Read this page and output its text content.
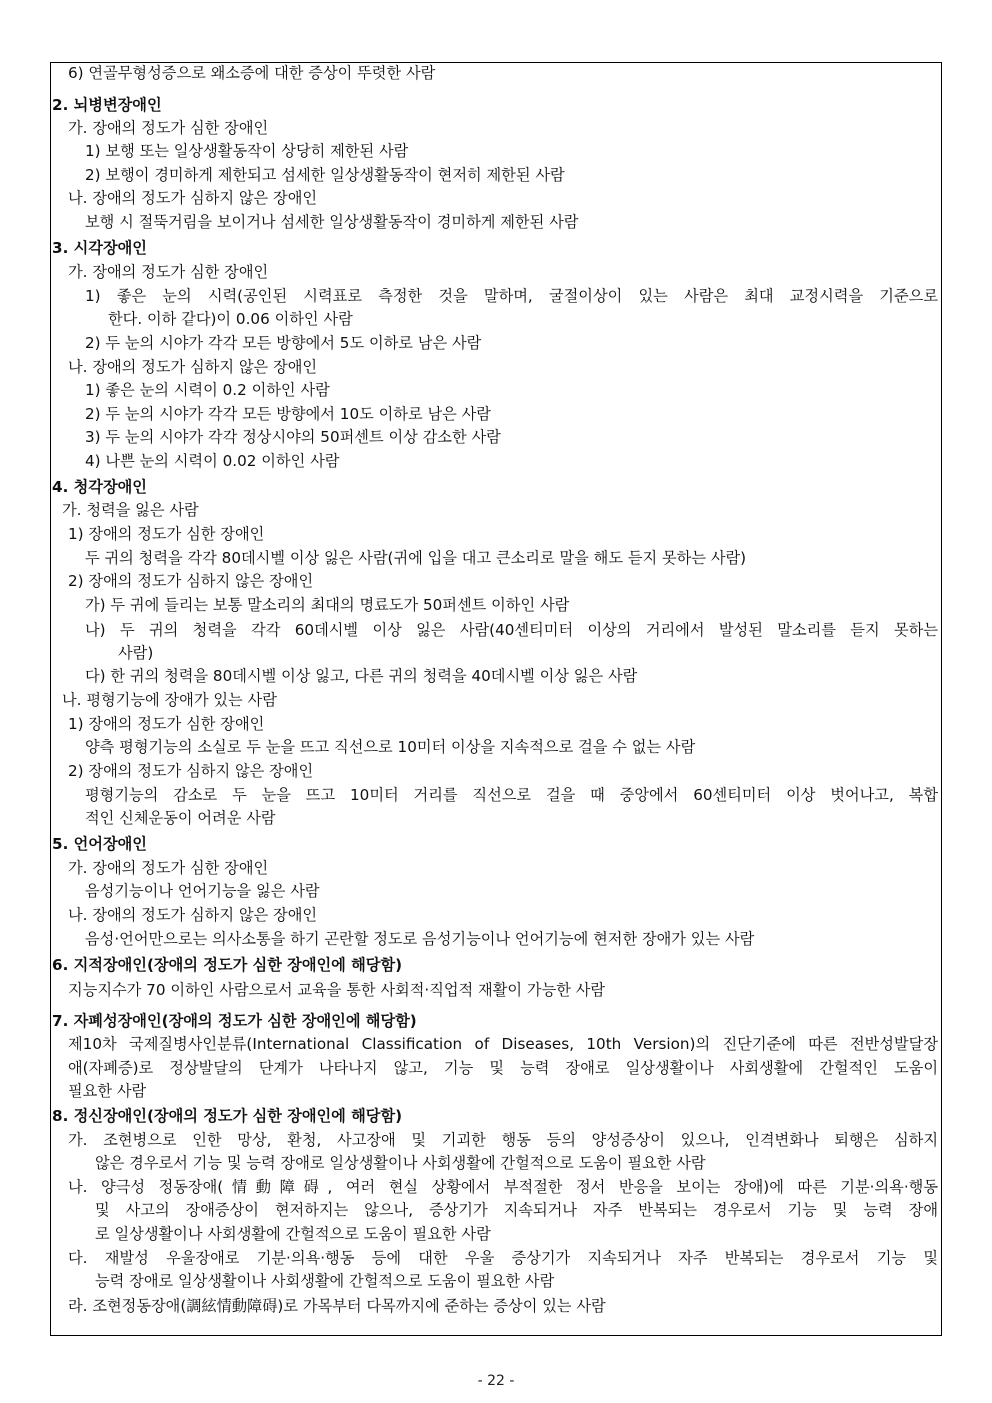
6) 연골무형성증으로 왜소증에 대한 증상이 뚜렷한 사람
2. 뇌병변장애인
가. 장애의 정도가 심한 장애인
1) 보행 또는 일상생활동작이 상당히 제한된 사람
2) 보행이 경미하게 제한되고 섬세한 일상생활동작이 현저히 제한된 사람
나. 장애의 정도가 심하지 않은 장애인
보행 시 절뚝거림을 보이거나 섬세한 일상생활동작이 경미하게 제한된 사람
3. 시각장애인
가. 장애의 정도가 심한 장애인
1) 좋은 눈의 시력(공인된 시력표로 측정한 것을 말하며, 굴절이상이 있는 사람은 최대 교정시력을 기준으로
한다. 이하 같다)이 0.06 이하인 사람
2) 두 눈의 시야가 각각 모든 방향에서 5도 이하로 남은 사람
나. 장애의 정도가 심하지 않은 장애인
1) 좋은 눈의 시력이 0.2 이하인 사람
2) 두 눈의 시야가 각각 모든 방향에서 10도 이하로 남은 사람
3) 두 눈의 시야가 각각 정상시야의 50퍼센트 이상 감소한 사람
4) 나쁜 눈의 시력이 0.02 이하인 사람
4. 청각장애인
가. 청력을 잃은 사람
1) 장애의 정도가 심한 장애인
두 귀의 청력을 각각 80데시벨 이상 잃은 사람(귀에 입을 대고 큰소리로 말을 해도 듣지 못하는 사람)
2) 장애의 정도가 심하지 않은 장애인
가) 두 귀에 들리는 보통 말소리의 최대의 명료도가 50퍼센트 이하인 사람
나) 두 귀의 청력을 각각 60데시벨 이상 잃은 사람(40센티미터 이상의 거리에서 발성된 말소리를 듣지 못하는
사람)
다) 한 귀의 청력을 80데시벨 이상 잃고, 다른 귀의 청력을 40데시벨 이상 잃은 사람
나. 평형기능에 장애가 있는 사람
1) 장애의 정도가 심한 장애인
양측 평형기능의 소실로 두 눈을 뜨고 직선으로 10미터 이상을 지속적으로 걸을 수 없는 사람
2) 장애의 정도가 심하지 않은 장애인
평형기능의 감소로 두 눈을 뜨고 10미터 거리를 직선으로 걸을 때 중앙에서 60센티미터 이상 벗어나고, 복합
적인 신체운동이 어려운 사람
5. 언어장애인
가. 장애의 정도가 심한 장애인
음성기능이나 언어기능을 잃은 사람
나. 장애의 정도가 심하지 않은 장애인
음성·언어만으로는 의사소통을 하기 곤란할 정도로 음성기능이나 언어기능에 현저한 장애가 있는 사람
6. 지적장애인(장애의 정도가 심한 장애인에 해당함)
지능지수가 70 이하인 사람으로서 교육을 통한 사회적·직업적 재활이 가능한 사람
7. 자폐성장애인(장애의 정도가 심한 장애인에 해당함)
제10차 국제질병사인분류(International Classification of Diseases, 10th Version)의 진단기준에 따른 전반성발달장
애(자폐증)로 정상발달의 단계가 나타나지 않고, 기능 및 능력 장애로 일상생활이나 사회생활에 간헐적인 도움이
필요한 사람
8. 정신장애인(장애의 정도가 심한 장애인에 해당함)
가. 조현병으로 인한 망상, 환청, 사고장애 및 기괴한 행동 등의 양성증상이 있으나, 인격변화나 퇴행은 심하지
않은 경우로서 기능 및 능력 장애로 일상생활이나 사회생활에 간헐적으로 도움이 필요한 사람
나. 양극성 정동장애(情動障碍, 여러 현실 상황에서 부적절한 정서 반응을 보이는 장애)에 따른 기분·의욕·행동
및 사고의 장애증상이 현저하지는 않으나, 증상기가 지속되거나 자주 반복되는 경우로서 기능 및 능력 장애
로 일상생활이나 사회생활에 간헐적으로 도움이 필요한 사람
다. 재발성 우울장애로 기분·의욕·행동 등에 대한 우울 증상기가 지속되거나 자주 반복되는 경우로서 기능 및
능력 장애로 일상생활이나 사회생활에 간헐적으로 도움이 필요한 사람
라. 조현정동장애(調絃情動障碍)로 가목부터 다목까지에 준하는 증상이 있는 사람
- 22 -
